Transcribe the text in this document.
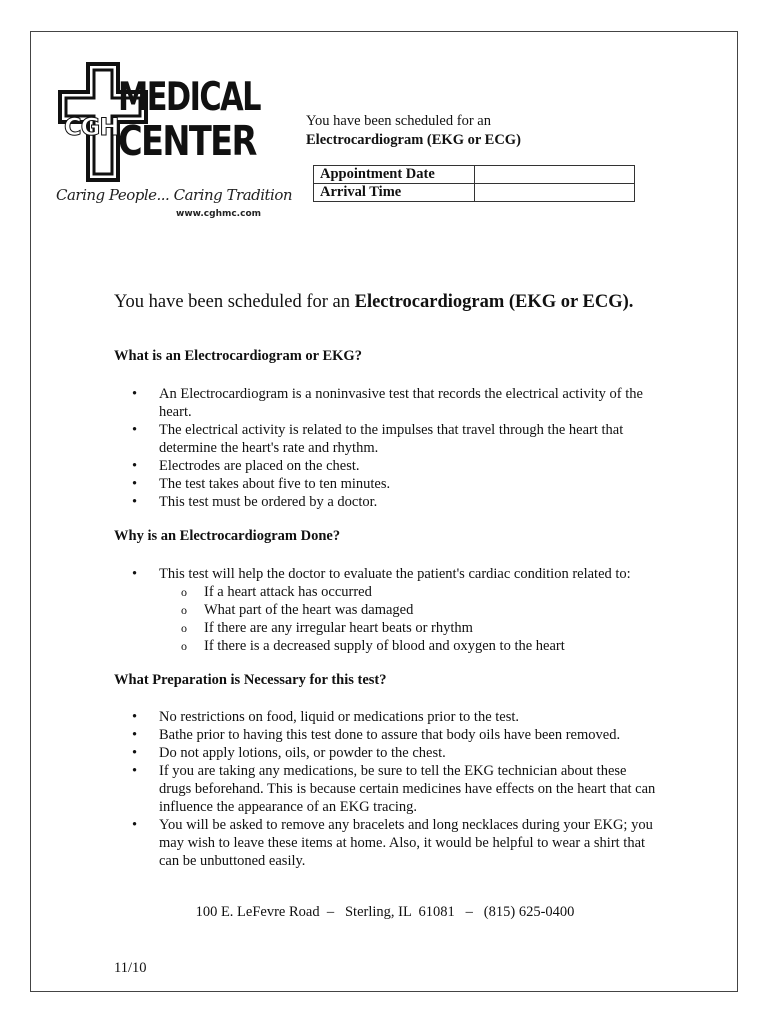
CGH
MEDICAL
CENTER
Caring People... Caring Tradition
www.cghmc.com
You have been scheduled for an
Electrocardiogram (EKG or ECG)
Appointment Date	
Arrival Time	
You have been scheduled for an Electrocardiogram (EKG or ECG).
What is an Electrocardiogram or EKG?
• An Electrocardiogram is a noninvasive test that records the electrical activity of the heart.
• The electrical activity is related to the impulses that travel through the heart that determine the heart's rate and rhythm.
• Electrodes are placed on the chest.
• The test takes about five to ten minutes.
• This test must be ordered by a doctor.
Why is an Electrocardiogram Done?
• This test will help the doctor to evaluate the patient's cardiac condition related to:
o If a heart attack has occurred
o What part of the heart was damaged
o If there are any irregular heart beats or rhythm
o If there is a decreased supply of blood and oxygen to the heart
What Preparation is Necessary for this test?
• No restrictions on food, liquid or medications prior to the test.
• Bathe prior to having this test done to assure that body oils have been removed.
• Do not apply lotions, oils, or powder to the chest.
• If you are taking any medications, be sure to tell the EKG technician about these drugs beforehand. This is because certain medicines have effects on the heart that can influence the appearance of an EKG tracing.
• You will be asked to remove any bracelets and long necklaces during your EKG; you may wish to leave these items at home. Also, it would be helpful to wear a shirt that can be unbuttoned easily.
100 E. LeFevre Road  –   Sterling, IL  61081   –   (815) 625-0400
11/10
